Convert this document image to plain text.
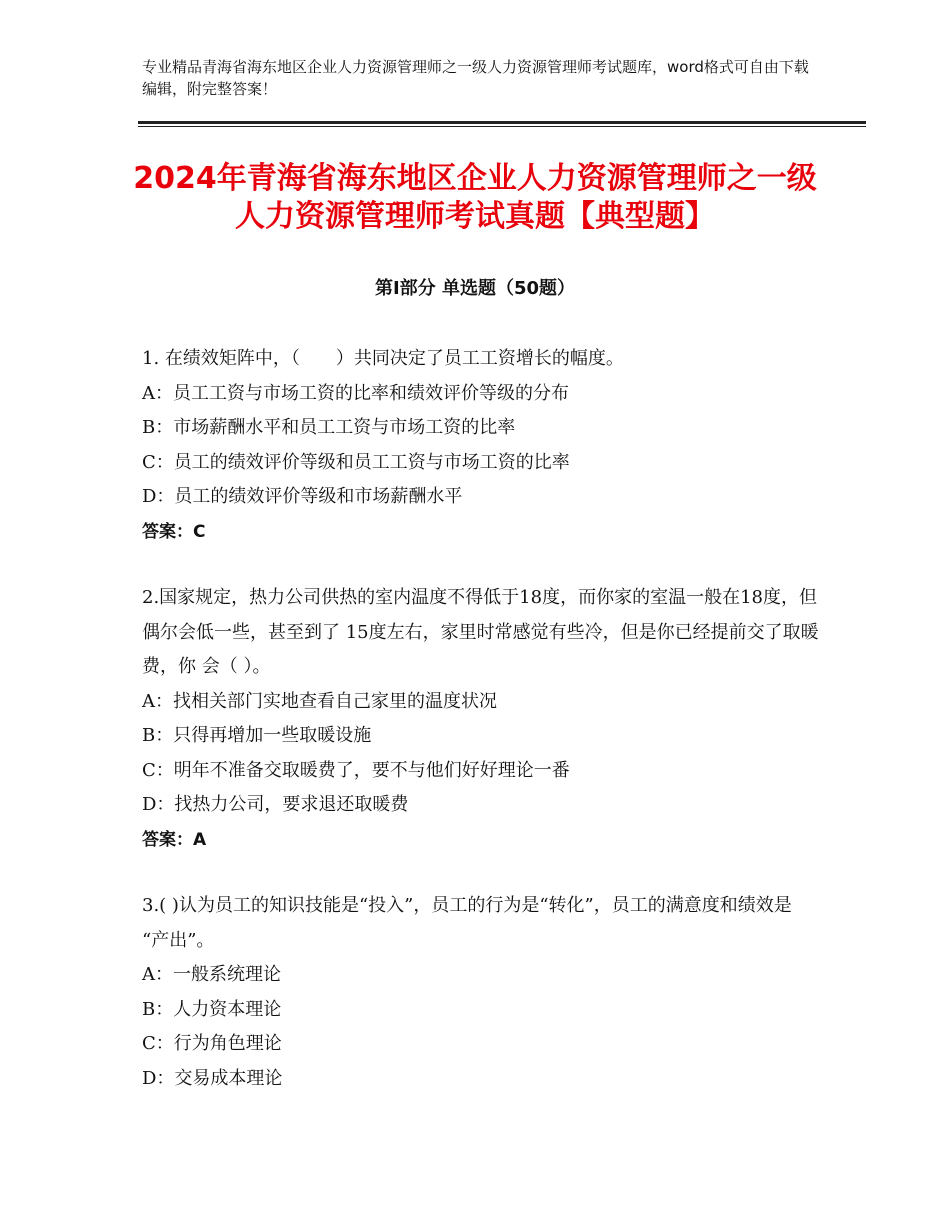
专业精品青海省海东地区企业人力资源管理师之一级人力资源管理师考试题库，word格式可自由下载编辑，附完整答案！
2024年青海省海东地区企业人力资源管理师之一级人力资源管理师考试真题【典型题】
第Ⅰ部分 单选题（50题）
1. 在绩效矩阵中，（　　）共同决定了员工工资增长的幅度。
A：员工工资与市场工资的比率和绩效评价等级的分布
B：市场薪酬水平和员工工资与市场工资的比率
C：员工的绩效评价等级和员工工资与市场工资的比率
D：员工的绩效评价等级和市场薪酬水平
答案：C
2.国家规定，热力公司供热的室内温度不得低于18度，而你家的室温一般在18度，但偶尔会低一些，甚至到了 15度左右，家里时常感觉有些冷，但是你已经提前交了取暖费，你 会（ ）。
A：找相关部门实地查看自己家里的温度状况
B：只得再增加一些取暖设施
C：明年不准备交取暖费了，要不与他们好好理论一番
D：找热力公司，要求退还取暖费
答案：A
3.( )认为员工的知识技能是“投入”，员工的行为是“转化”，员工的满意度和绩效是 “产出”。
A：一般系统理论
B：人力资本理论
C：行为角色理论
D：交易成本理论
